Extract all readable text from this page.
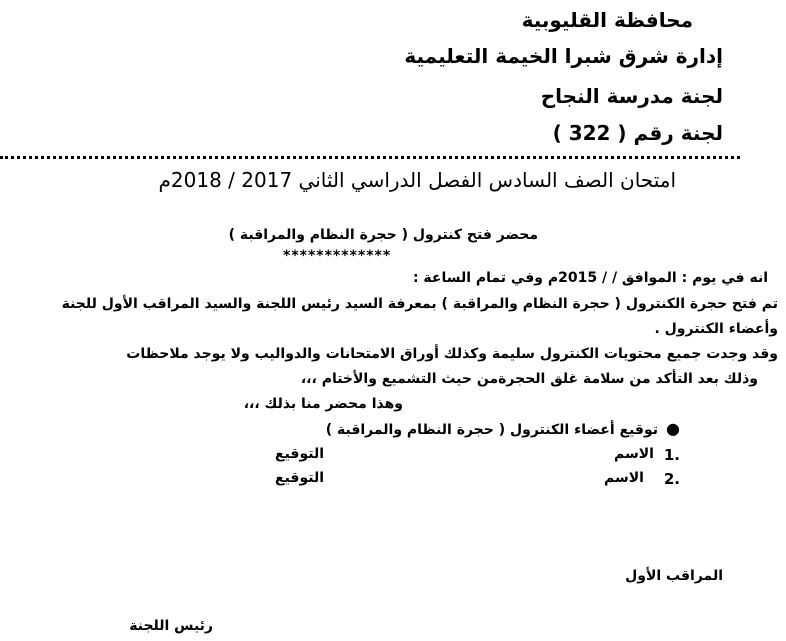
محافظة القليوبية
إدارة شرق شبرا الخيمة التعليمية
لجنة مدرسة النجاح
لجنة رقم ( 322 )
امتحان الصف السادس الفصل الدراسي الثاني 2017 / 2018م
محضر فتح كنترول ( حجرة النظام والمراقبة )
*************
انه في يوم : الموافق / / 2015م وفي تمام الساعة :
تم فتح حجرة الكنترول ( حجرة النظام والمراقبة ) بمعرفة السيد رئيس اللجنة والسيد المراقب الأول للجنة
وأعضاء الكنترول .
وقد وجدت جميع محتويات الكنترول سليمة وكذلك أوراق الامتحانات والدواليب ولا يوجد ملاحظات
وذلك بعد التأكد من سلامة غلق الحجرةمن حيث التشميع والأختام ،،،
وهذا محضر منا بذلك ،،،
●
توقيع أعضاء الكنترول ( حجرة النظام والمراقبة )
1.
الاسم
التوقيع
2.
الاسم
التوقيع
المراقب الأول
رئيس اللجنة
